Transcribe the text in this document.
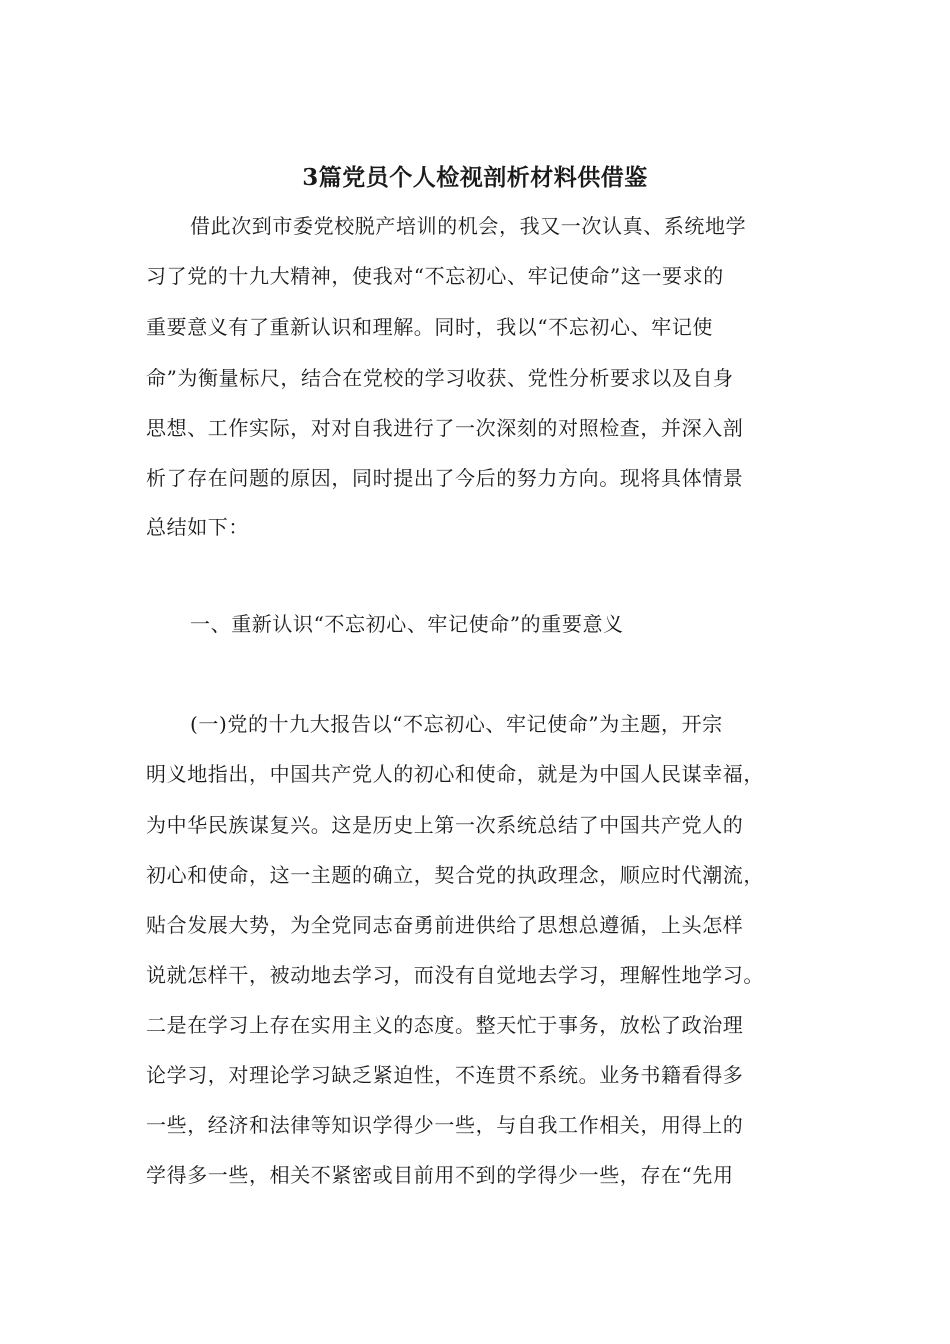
3篇党员个人检视剖析材料供借鉴
借此次到市委党校脱产培训的机会，我又一次认真、系统地学
习了党的十九大精神，使我对“不忘初心、牢记使命”这一要求的
重要意义有了重新认识和理解。同时，我以“不忘初心、牢记使
命”为衡量标尺，结合在党校的学习收获、党性分析要求以及自身
思想、工作实际，对对自我进行了一次深刻的对照检查，并深入剖
析了存在问题的原因，同时提出了今后的努力方向。现将具体情景
总结如下：
一、重新认识“不忘初心、牢记使命”的重要意义
(一)党的十九大报告以“不忘初心、牢记使命”为主题，开宗
明义地指出，中国共产党人的初心和使命，就是为中国人民谋幸福，
为中华民族谋复兴。这是历史上第一次系统总结了中国共产党人的
初心和使命，这一主题的确立，契合党的执政理念，顺应时代潮流，
贴合发展大势，为全党同志奋勇前进供给了思想总遵循，上头怎样
说就怎样干，被动地去学习，而没有自觉地去学习，理解性地学习。
二是在学习上存在实用主义的态度。整天忙于事务，放松了政治理
论学习，对理论学习缺乏紧迫性，不连贯不系统。业务书籍看得多
一些，经济和法律等知识学得少一些，与自我工作相关，用得上的
学得多一些，相关不紧密或目前用不到的学得少一些，存在“先用
